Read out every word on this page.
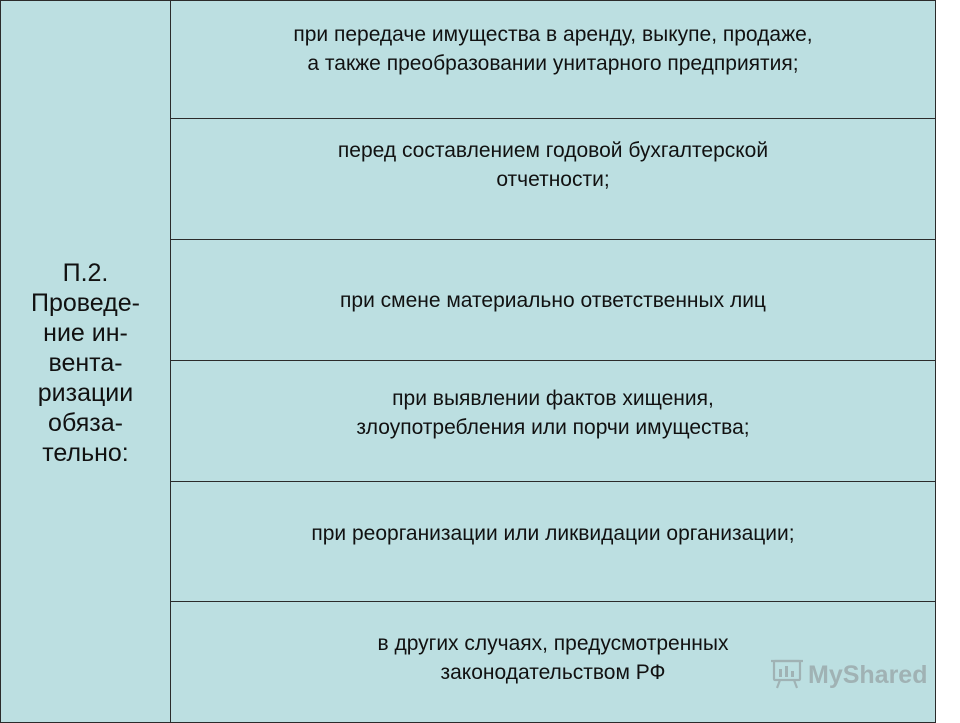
П.2.
Проведе-
ние ин-
вента-
ризации
обяза-
тельно:

при передаче имущества в аренду, выкупе, продаже,
а также преобразовании унитарного предприятия;

перед составлением годовой бухгалтерской
отчетности;

при смене материально ответственных лиц

при выявлении фактов хищения,
злоупотребления или порчи имущества;

при реорганизации или ликвидации организации;

в других случаях, предусмотренных
законодательством РФ	MyShared
